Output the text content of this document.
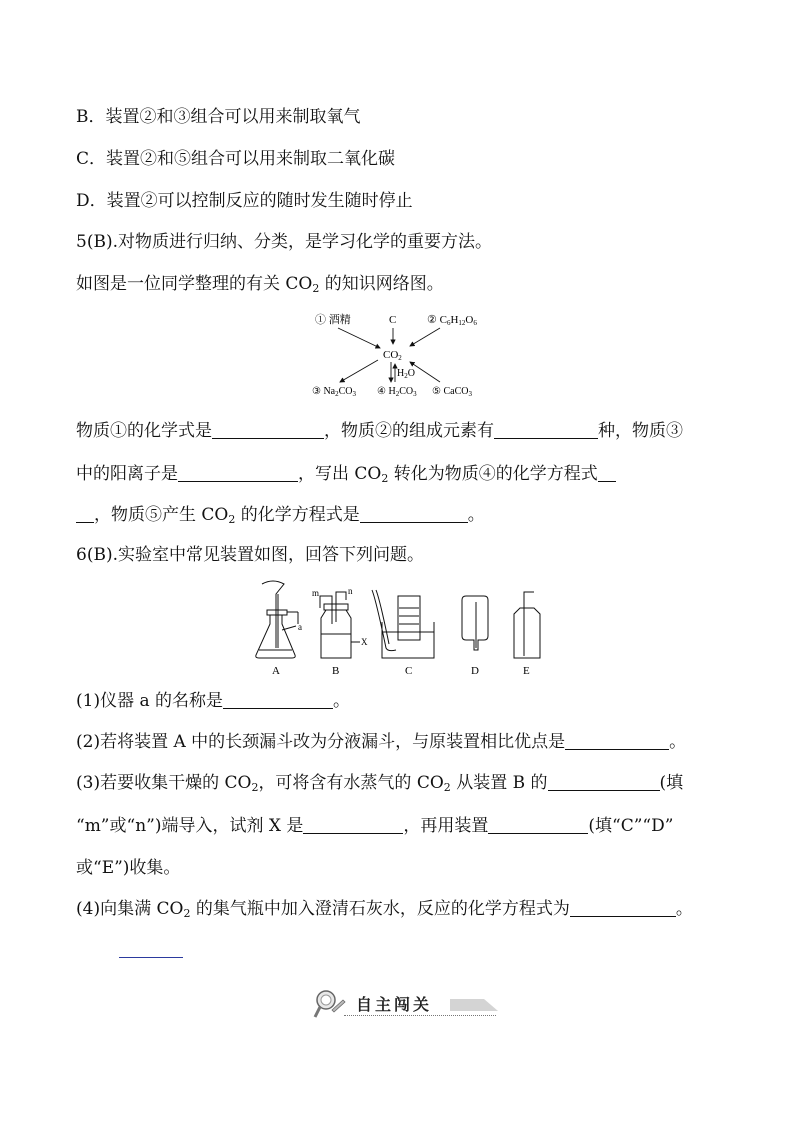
B．装置②和③组合可以用来制取氧气
C．装置②和⑤组合可以用来制取二氧化碳
D．装置②可以控制反应的随时发生随时停止
5(B).对物质进行归纳、分类，是学习化学的重要方法。
如图是一位同学整理的有关 $CO_2$ 的知识网络图。
① 酒精	C	② C6H12O6
CO2
$H_2O$
③ $Na_2CO_3$ ④ $H_2CO_3$ ⑤ CaCO$_3$
物质①的化学式是	，物质②的组成元素有	种，物质③
中的阳离子是	，写出 $CO_2$ 转化为物质④的化学方程式
，物质⑤产生 $CO_2$ 的化学方程式是	。
6(B).实验室中常见装置如图，回答下列问题。
A	B	C	D	E
a
m	n
X
(1)仪器 a 的名称是	。
(2)若将装置 A 中的长颈漏斗改为分液漏斗，与原装置相比优点是	。
(3)若要收集干燥的 $CO_2$，可将含有水蒸气的 $CO_2$ 从装置 B 的	(填
“m”或“n”)端导入，试剂 X 是	，再用装置	(填“C”“D”
或“E”)收集。
(4)向集满 $CO_2$ 的集气瓶中加入澄清石灰水，反应的化学方程式为	。
自主闯关
